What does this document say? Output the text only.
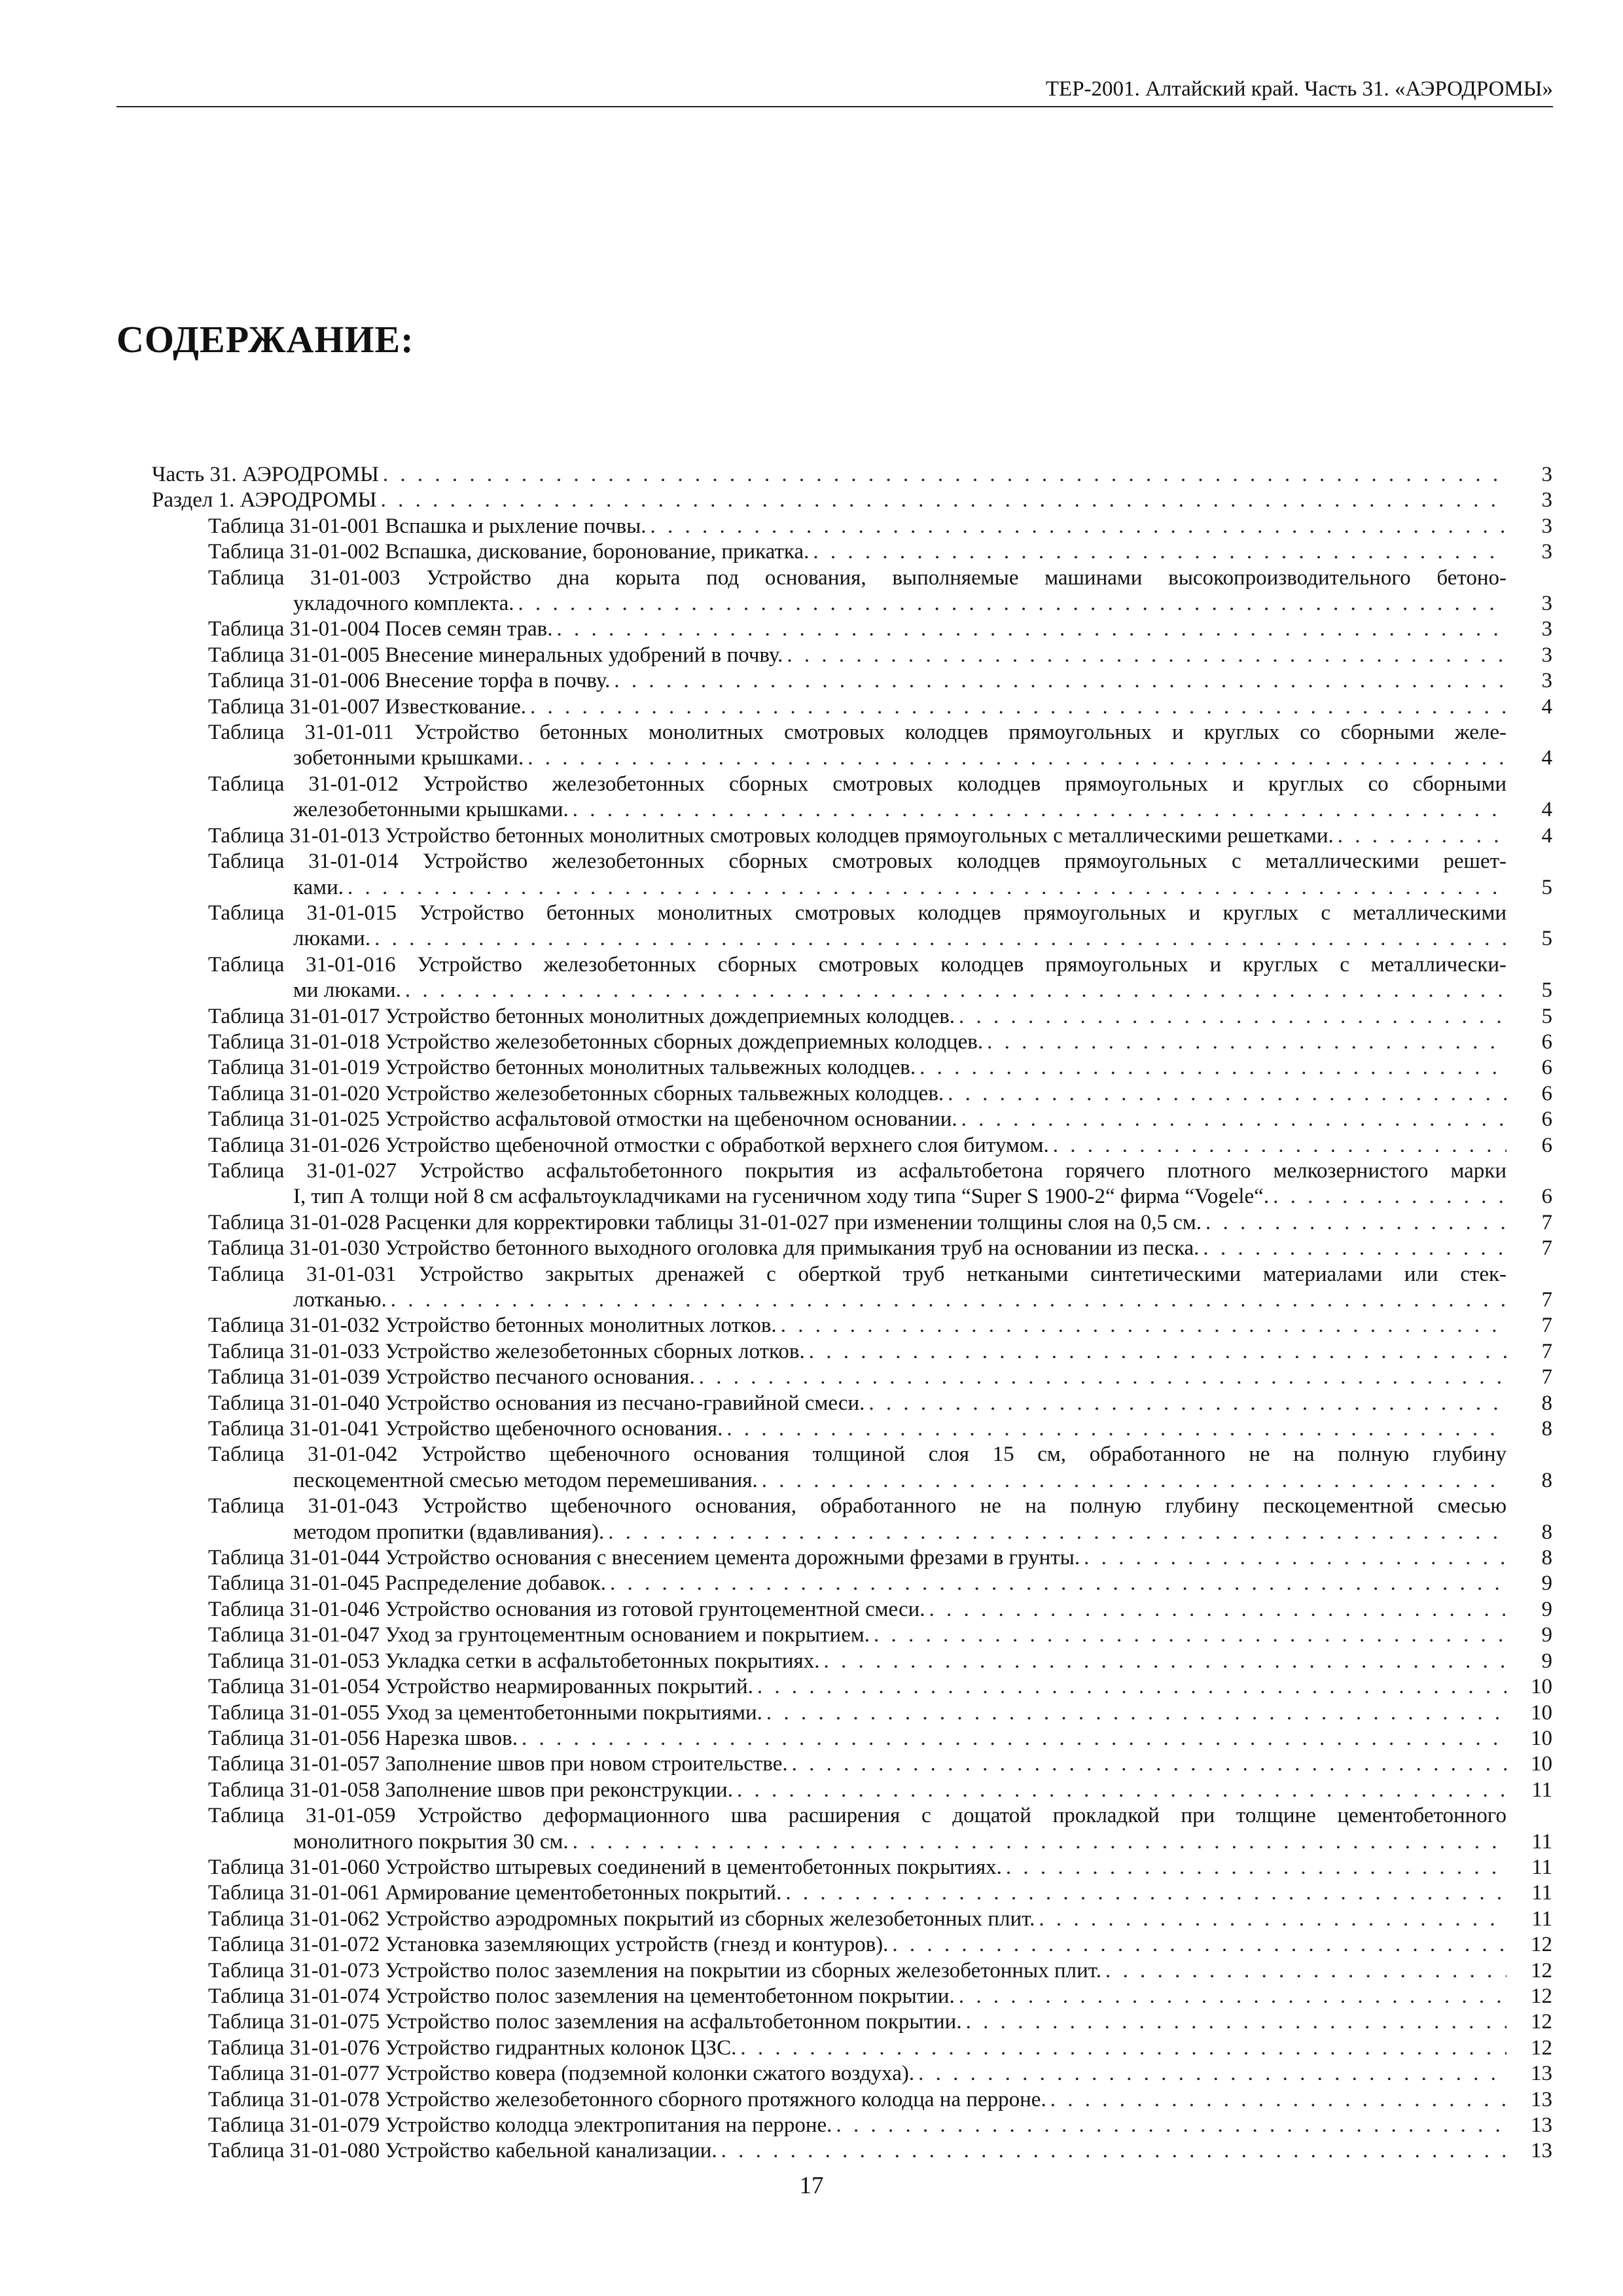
ТЕР-2001. Алтайский край. Часть 31. «АЭРОДРОМЫ»
СОДЕРЖАНИЕ:
Часть 31. АЭРОДРОМЫ . . .	3
Раздел 1. АЭРОДРОМЫ . . .	3
Таблица 31-01-001 Вспашка и рыхление почвы. . . .	3
Таблица 31-01-002 Вспашка, дискование, боронование, прикатка. . . .	3
Таблица 31-01-003 Устройство дна корыта под основания, выполняемые машинами высокопроизводительного бетоно-
укладочного комплекта. . . .	3
Таблица 31-01-004 Посев семян трав. . . .	3
Таблица 31-01-005 Внесение минеральных удобрений в почву. . . .	3
Таблица 31-01-006 Внесение торфа в почву. . . .	3
Таблица 31-01-007 Известкование. . . .	4
Таблица 31-01-011 Устройство бетонных монолитных смотровых колодцев прямоугольных и круглых со сборными желе-
зобетонными крышками. . . .	4
Таблица 31-01-012 Устройство железобетонных сборных смотровых колодцев прямоугольных и круглых со сборными
железобетонными крышками. . . .	4
Таблица 31-01-013 Устройство бетонных монолитных смотровых колодцев прямоугольных с металлическими решетками. . . .	4
Таблица 31-01-014 Устройство железобетонных сборных смотровых колодцев прямоугольных с металлическими решет-
ками. . . .	5
Таблица 31-01-015 Устройство бетонных монолитных смотровых колодцев прямоугольных и круглых с металлическими
люками. . . .	5
Таблица 31-01-016 Устройство железобетонных сборных смотровых колодцев прямоугольных и круглых с металлически-
ми люками. . . .	5
Таблица 31-01-017 Устройство бетонных монолитных дождеприемных колодцев. . . .	5
Таблица 31-01-018 Устройство железобетонных сборных дождеприемных колодцев. . . .	6
Таблица 31-01-019 Устройство бетонных монолитных тальвежных колодцев. . . .	6
Таблица 31-01-020 Устройство железобетонных сборных тальвежных колодцев. . . .	6
Таблица 31-01-025 Устройство асфальтовой отмостки на щебеночном основании. . . .	6
Таблица 31-01-026 Устройство щебеночной отмостки с обработкой верхнего слоя битумом. . . .	6
Таблица 31-01-027 Устройство асфальтобетонного покрытия из асфальтобетона горячего плотного мелкозернистого марки
I, тип А толщи ной 8 см асфальтоукладчиками на гусеничном ходу типа “Super S 1900-2“ фирма “Vogele“. . . .	6
Таблица 31-01-028 Расценки для корректировки таблицы 31-01-027 при изменении толщины слоя на 0,5 см. . . .	7
Таблица 31-01-030 Устройство бетонного выходного оголовка для примыкания труб на основании из песка. . . .	7
Таблица 31-01-031 Устройство закрытых дренажей с оберткой труб неткаными синтетическими материалами или стек-
лотканью. . . .	7
Таблица 31-01-032 Устройство бетонных монолитных лотков. . . .	7
Таблица 31-01-033 Устройство железобетонных сборных лотков. . . .	7
Таблица 31-01-039 Устройство песчаного основания. . . .	7
Таблица 31-01-040 Устройство основания из песчано-гравийной смеси. . . .	8
Таблица 31-01-041 Устройство щебеночного основания. . . .	8
Таблица 31-01-042 Устройство щебеночного основания толщиной слоя 15 см, обработанного не на полную глубину
пескоцементной смесью методом перемешивания. . . .	8
Таблица 31-01-043 Устройство щебеночного основания, обработанного не на полную глубину пескоцементной смесью
методом пропитки (вдавливания). . . .	8
Таблица 31-01-044 Устройство основания с внесением цемента дорожными фрезами в грунты. . . .	8
Таблица 31-01-045 Распределение добавок. . . .	9
Таблица 31-01-046 Устройство основания из готовой грунтоцементной смеси. . . .	9
Таблица 31-01-047 Уход за грунтоцементным основанием и покрытием. . . .	9
Таблица 31-01-053 Укладка сетки в асфальтобетонных покрытиях. . . .	9
Таблица 31-01-054 Устройство неармированных покрытий. . . .	10
Таблица 31-01-055 Уход за цементобетонными покрытиями. . . .	10
Таблица 31-01-056 Нарезка швов. . . .	10
Таблица 31-01-057 Заполнение швов при новом строительстве. . . .	10
Таблица 31-01-058 Заполнение швов при реконструкции. . . .	11
Таблица 31-01-059 Устройство деформационного шва расширения с дощатой прокладкой при толщине цементобетонного
монолитного покрытия 30 см. . . .	11
Таблица 31-01-060 Устройство штыревых соединений в цементобетонных покрытиях. . . .	11
Таблица 31-01-061 Армирование цементобетонных покрытий. . . .	11
Таблица 31-01-062 Устройство аэродромных покрытий из сборных железобетонных плит. . . .	11
Таблица 31-01-072 Установка заземляющих устройств (гнезд и контуров). . . .	12
Таблица 31-01-073 Устройство полос заземления на покрытии из сборных железобетонных плит. . . .	12
Таблица 31-01-074 Устройство полос заземления на цементобетонном покрытии. . . .	12
Таблица 31-01-075 Устройство полос заземления на асфальтобетонном покрытии. . . .	12
Таблица 31-01-076 Устройство гидрантных колонок ЦЗС. . . .	12
Таблица 31-01-077 Устройство ковера (подземной колонки сжатого воздуха). . . .	13
Таблица 31-01-078 Устройство железобетонного сборного протяжного колодца на перроне. . . .	13
Таблица 31-01-079 Устройство колодца электропитания на перроне. . . .	13
Таблица 31-01-080 Устройство кабельной канализации. . . .	13
17
